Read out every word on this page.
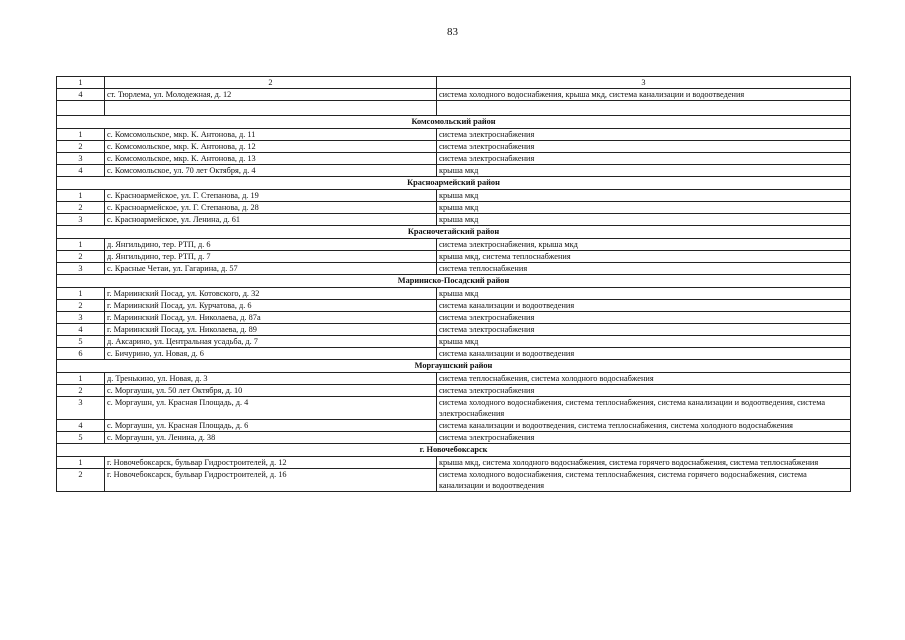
83
1	2	3
4	ст. Тюрлема, ул. Молодежная, д. 12	система холодного водоснабжения, крыша мкд, система канализации и водоотведения

Комсомольский район		
1	с. Комсомольское, мкр. К. Антонова, д. 11	система электроснабжения
2	с. Комсомольское, мкр. К. Антонова, д. 12	система электроснабжения
3	с. Комсомольское, мкр. К. Антонова, д. 13	система электроснабжения
4	с. Комсомольское, ул. 70 лет Октября, д. 4	крыша мкд
Красноармейский район		
1	с. Красноармейское, ул. Г. Степанова, д. 19	крыша мкд
2	с. Красноармейское, ул. Г. Степанова, д. 28	крыша мкд
3	с. Красноармейское, ул. Ленина, д. 61	крыша мкд
Красночетайский район		
1	д. Янгильдино, тер. РТП, д. 6	система электроснабжения, крыша мкд
2	д. Янгильдино, тер. РТП, д. 7	крыша мкд, система теплоснабжения
3	с. Красные Четаи, ул. Гагарина, д. 57	система теплоснабжения
Мариинско-Посадский район		
1	г. Мариинский Посад, ул. Котовского, д. 32	крыша мкд
2	г. Мариинский Посад, ул. Курчатова, д. 6	система канализации и водоотведения
3	г. Мариинский Посад, ул. Николаева, д. 87а	система электроснабжения
4	г. Мариинский Посад, ул. Николаева, д. 89	система электроснабжения
5	д. Аксарино, ул. Центральная усадьба, д. 7	крыша мкд
6	с. Бичурино, ул. Новая, д. 6	система канализации и водоотведения
Моргаушский район		
1	д. Тренькино, ул. Новая, д. 3	система теплоснабжения, система холодного водоснабжения
2	с. Моргаушн, ул. 50 лет Октября, д. 10	система электроснабжения
3	с. Моргаушн, ул. Красная Площадь, д. 4	система холодного водоснабжения, система теплоснабжения, система канализации и водоотведения, система электроснабжения
4	с. Моргаушн, ул. Красная Площадь, д. 6	система канализации и водоотведения, система теплоснабжения, система холодного водоснабжения
5	с. Моргаушн, ул. Ленина, д. 38	система электроснабжения
г. Новочебоксарск		
1	г. Новочебоксарск, бульвар Гидростроителей, д. 12	крыша мкд, система холодного водоснабжения, система горячего водоснабжения, система теплоснабжения
2	г. Новочебоксарск, бульвар Гидростроителей, д. 16	система холодного водоснабжения, система теплоснабжения, система горячего водоснабжения, система канализации и водоотведения
